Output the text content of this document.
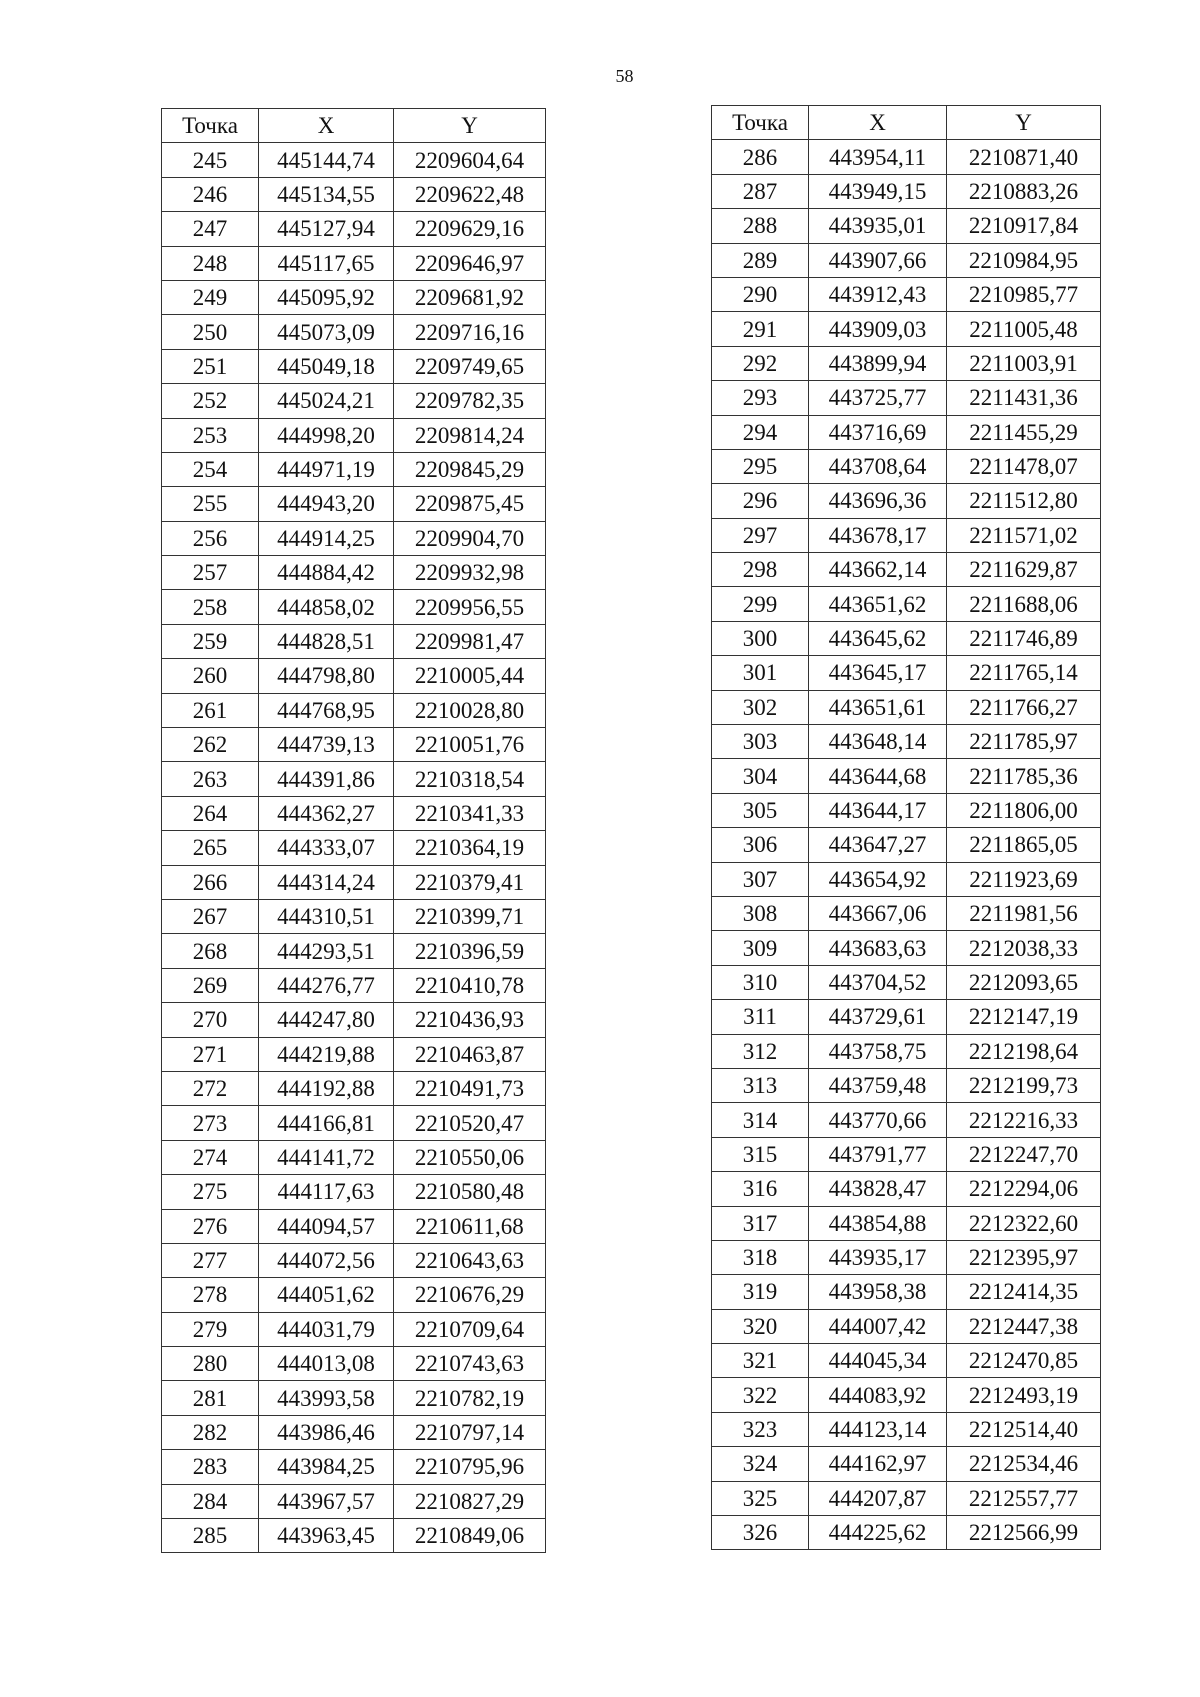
58
Точка	X	Y
245	445144,74	2209604,64
246	445134,55	2209622,48
247	445127,94	2209629,16
248	445117,65	2209646,97
249	445095,92	2209681,92
250	445073,09	2209716,16
251	445049,18	2209749,65
252	445024,21	2209782,35
253	444998,20	2209814,24
254	444971,19	2209845,29
255	444943,20	2209875,45
256	444914,25	2209904,70
257	444884,42	2209932,98
258	444858,02	2209956,55
259	444828,51	2209981,47
260	444798,80	2210005,44
261	444768,95	2210028,80
262	444739,13	2210051,76
263	444391,86	2210318,54
264	444362,27	2210341,33
265	444333,07	2210364,19
266	444314,24	2210379,41
267	444310,51	2210399,71
268	444293,51	2210396,59
269	444276,77	2210410,78
270	444247,80	2210436,93
271	444219,88	2210463,87
272	444192,88	2210491,73
273	444166,81	2210520,47
274	444141,72	2210550,06
275	444117,63	2210580,48
276	444094,57	2210611,68
277	444072,56	2210643,63
278	444051,62	2210676,29
279	444031,79	2210709,64
280	444013,08	2210743,63
281	443993,58	2210782,19
282	443986,46	2210797,14
283	443984,25	2210795,96
284	443967,57	2210827,29
285	443963,45	2210849,06
Точка	X	Y
286	443954,11	2210871,40
287	443949,15	2210883,26
288	443935,01	2210917,84
289	443907,66	2210984,95
290	443912,43	2210985,77
291	443909,03	2211005,48
292	443899,94	2211003,91
293	443725,77	2211431,36
294	443716,69	2211455,29
295	443708,64	2211478,07
296	443696,36	2211512,80
297	443678,17	2211571,02
298	443662,14	2211629,87
299	443651,62	2211688,06
300	443645,62	2211746,89
301	443645,17	2211765,14
302	443651,61	2211766,27
303	443648,14	2211785,97
304	443644,68	2211785,36
305	443644,17	2211806,00
306	443647,27	2211865,05
307	443654,92	2211923,69
308	443667,06	2211981,56
309	443683,63	2212038,33
310	443704,52	2212093,65
311	443729,61	2212147,19
312	443758,75	2212198,64
313	443759,48	2212199,73
314	443770,66	2212216,33
315	443791,77	2212247,70
316	443828,47	2212294,06
317	443854,88	2212322,60
318	443935,17	2212395,97
319	443958,38	2212414,35
320	444007,42	2212447,38
321	444045,34	2212470,85
322	444083,92	2212493,19
323	444123,14	2212514,40
324	444162,97	2212534,46
325	444207,87	2212557,77
326	444225,62	2212566,99
